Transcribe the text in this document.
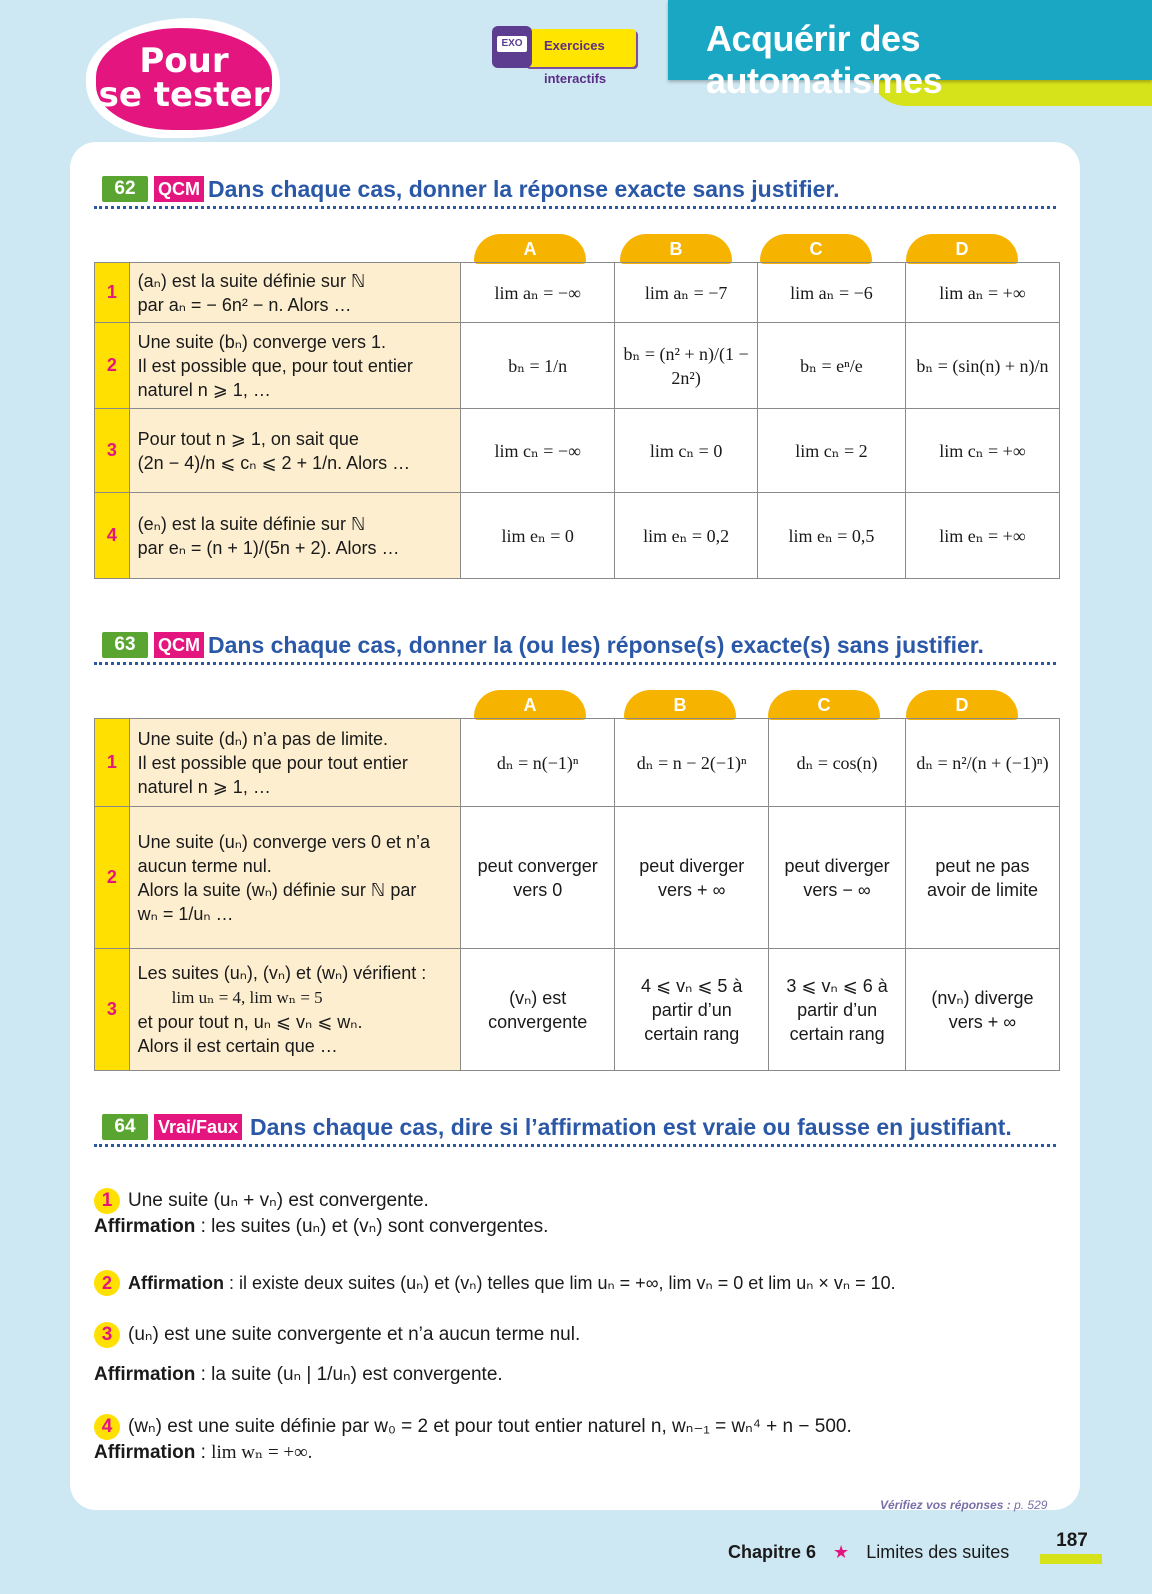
Acquérir des automatismes
Pour
se tester
Exercices

interactifs
EXO
62	QCM Dans chaque cas, donner la réponse exacte sans justifier.
A	B	C	D
1	(aₙ) est la suite définie sur ℕ
par aₙ = − 6n² − n. Alors …	lim aₙ = −∞	lim aₙ = −7	lim aₙ = −6	lim aₙ = +∞
2	Une suite (bₙ) converge vers 1.
Il est possible que, pour tout entier
naturel n ⩾ 1, …	bₙ = 1/n	bₙ = (n² + n)/(1 − 2n²)	bₙ = eⁿ/e	bₙ = (sin(n) + n)/n
3	Pour tout n ⩾ 1, on sait que
(2n − 4)/n ⩽ cₙ ⩽ 2 + 1/n. Alors …	lim cₙ = −∞	lim cₙ = 0	lim cₙ = 2	lim cₙ = +∞
4	(eₙ) est la suite définie sur ℕ
par eₙ = (n + 1)/(5n + 2). Alors …	lim eₙ = 0	lim eₙ = 0,2	lim eₙ = 0,5	lim eₙ = +∞
63	QCM Dans chaque cas, donner la (ou les) réponse(s) exacte(s) sans justifier.
A	B	C	D
1	Une suite (dₙ) n’a pas de limite.
Il est possible que pour tout entier
naturel n ⩾ 1, …	dₙ = n(−1)ⁿ	dₙ = n − 2(−1)ⁿ	dₙ = cos(n)	dₙ = n²/(n + (−1)ⁿ)
2	Une suite (uₙ) converge vers 0 et n’a
aucun terme nul.
Alors la suite (wₙ) définie sur ℕ par
wₙ = 1/uₙ …	peut converger vers 0	peut diverger vers + ∞	peut diverger vers − ∞	peut ne pas avoir de limite
3	Les suites (uₙ), (vₙ) et (wₙ) vérifient :
lim uₙ = 4, lim wₙ = 5
et pour tout n, uₙ ⩽ vₙ ⩽ wₙ.
Alors il est certain que …	(vₙ) est convergente	4 ⩽ vₙ ⩽ 5 à partir d’un certain rang	3 ⩽ vₙ ⩽ 6 à partir d’un certain rang	(nvₙ) diverge vers + ∞
64	Vrai/Faux Dans chaque cas, dire si l’affirmation est vraie ou fausse en justifiant.
1 Une suite (uₙ + vₙ) est convergente.
Affirmation : les suites (uₙ) et (vₙ) sont convergentes.
2 Affirmation : il existe deux suites (uₙ) et (vₙ) telles que lim uₙ = +∞, lim vₙ = 0 et lim uₙ × vₙ = 10.
3 (uₙ) est une suite convergente et n’a aucun terme nul.

Affirmation : la suite (uₙ | 1/uₙ) est convergente.
4 (wₙ) est une suite définie par w₀ = 2 et pour tout entier naturel n, wₙ₋₁ = wₙ⁴ + n − 500.
Affirmation : lim wₙ = +∞.
Vérifiez vos réponses : p. 529
Chapitre 6 ★ Limites des suites
187
